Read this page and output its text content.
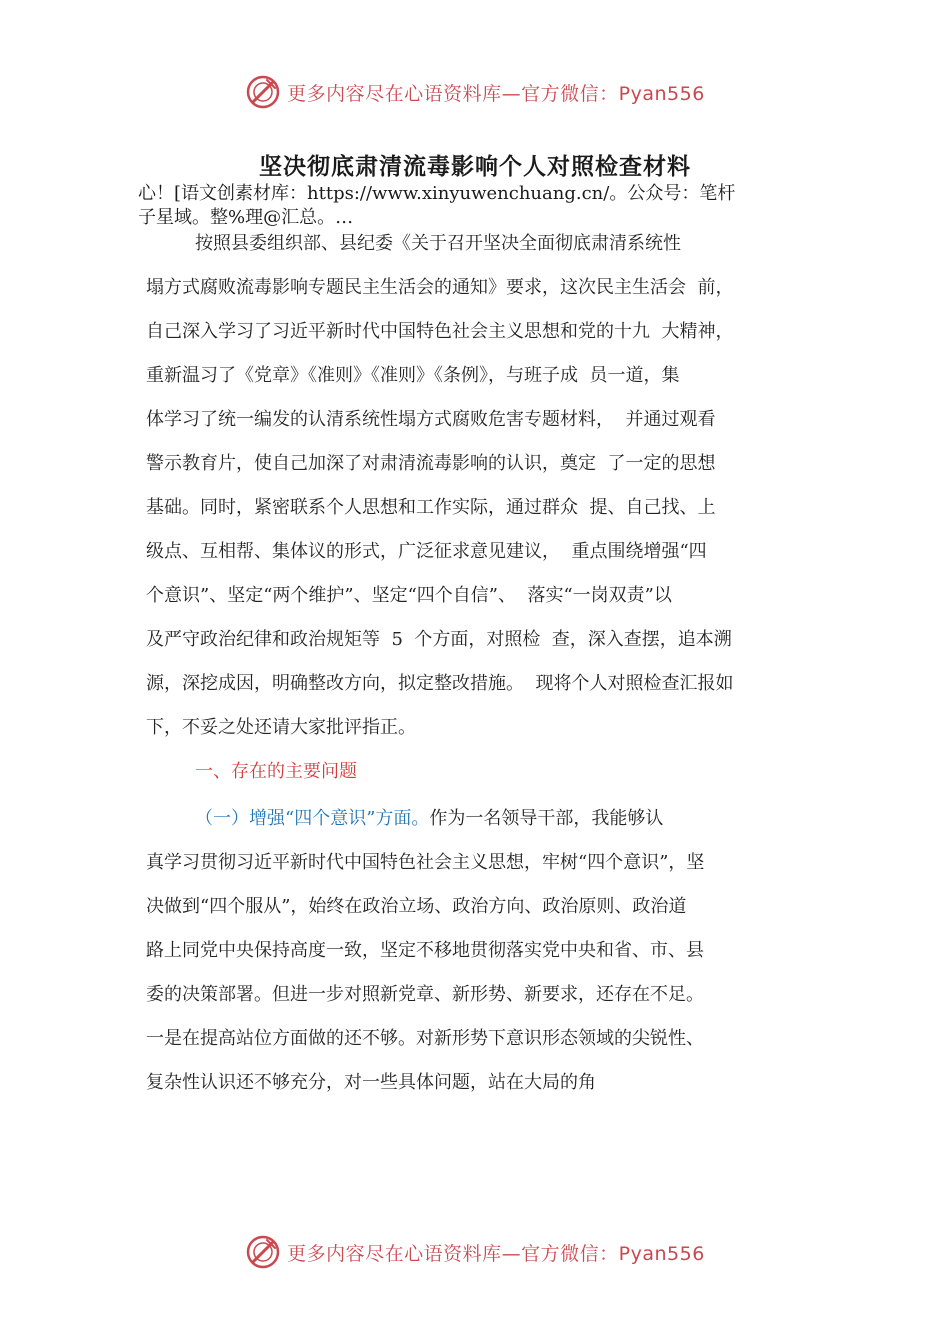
更多内容尽在心语资料库—官方微信：Pyan556
坚决彻底肃清流毒影响个人对照检查材料
心！[语文创素材库：https://www.xinyuwenchuang.cn/。公众号：笔杆
子星域。整%理@汇总。…
按照县委组织部、县纪委《关于召开坚决全面彻底肃清系统性
塌方式腐败流毒影响专题民主生活会的通知》要求，这次民主生活会  前，
自己深入学习了习近平新时代中国特色社会主义思想和党的十九  大精神，
重新温习了《党章》《准则》《准则》《条例》，与班子成  员一道，集
体学习了统一编发的认清系统性塌方式腐败危害专题材料，  并通过观看
警示教育片，使自己加深了对肃清流毒影响的认识，奠定  了一定的思想
基础。同时，紧密联系个人思想和工作实际，通过群众  提、自己找、上
级点、互相帮、集体议的形式，广泛征求意见建议，  重点围绕增强“四
个意识”、坚定“两个维护”、坚定“四个自信”、  落实“一岗双责”以
及严守政治纪律和政治规矩等  5  个方面，对照检  查，深入查摆，追本溯
源，深挖成因，明确整改方向，拟定整改措施。  现将个人对照检查汇报如
下，不妥之处还请大家批评指正。
一、存在的主要问题
（一）增强“四个意识”方面。作为一名领导干部，我能够认
真学习贯彻习近平新时代中国特色社会主义思想，牢树“四个意识”，坚
决做到“四个服从”，始终在政治立场、政治方向、政治原则、政治道
路上同党中央保持高度一致，坚定不移地贯彻落实党中央和省、市、县
委的决策部署。但进一步对照新党章、新形势、新要求，还存在不足。
一是在提高站位方面做的还不够。对新形势下意识形态领域的尖锐性、
复杂性认识还不够充分，对一些具体问题，站在大局的角
更多内容尽在心语资料库—官方微信：Pyan556
